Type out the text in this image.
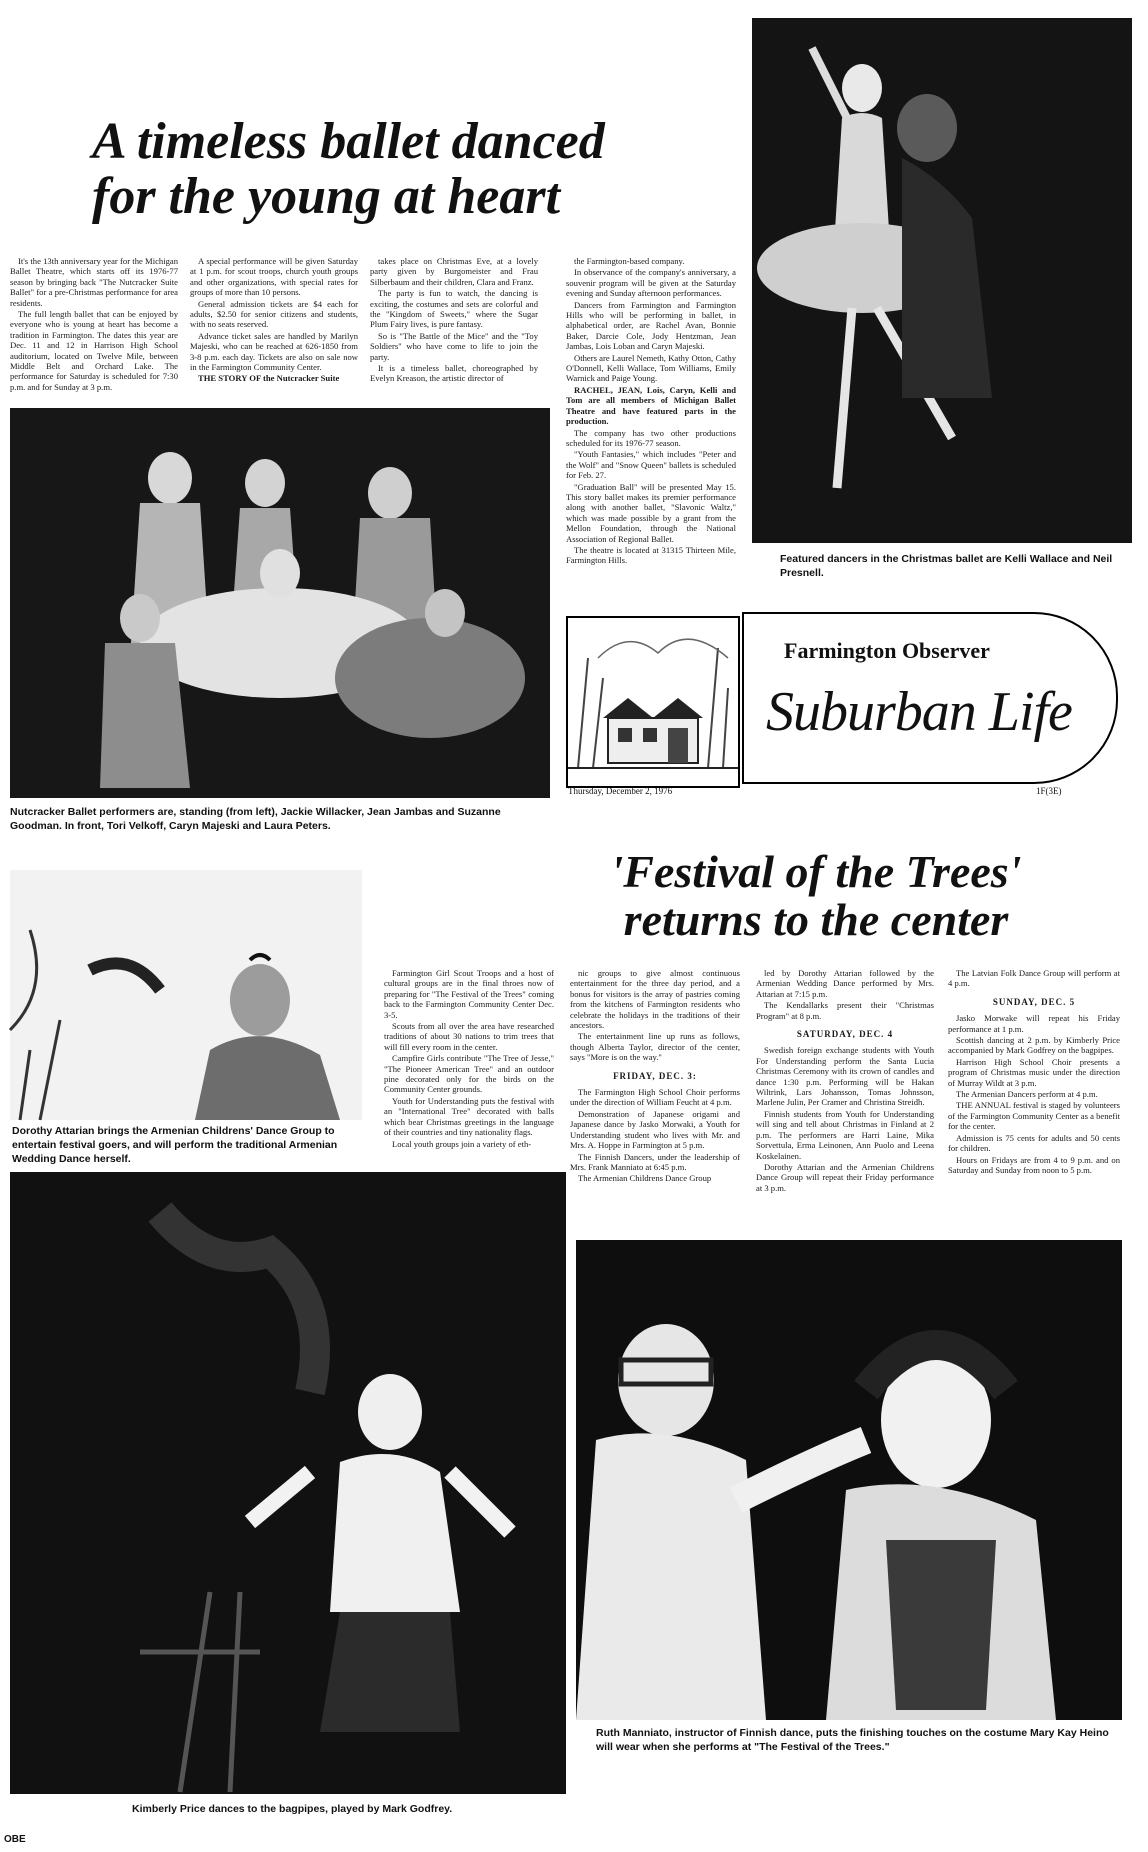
A timeless ballet danced
for the young at heart

It's the 13th anniversary year for the Michigan Ballet Theatre, which starts off its 1976-77 season by bringing back "The Nutcracker Suite Ballet" for a pre-Christmas performance for area residents.

The full length ballet that can be enjoyed by everyone who is young at heart has become a tradition in Farmington. The dates this year are Dec. 11 and 12 in Harrison High School auditorium, located on Twelve Mile, between Middle Belt and Orchard Lake. The performance for Saturday is scheduled for 7:30 p.m. and for Sunday at 3 p.m.

A special performance will be given Saturday at 1 p.m. for scout troops, church youth groups and other organizations, with special rates for groups of more than 10 persons.

General admission tickets are $4 each for adults, $2.50 for senior citizens and students, with no seats reserved.

Advance ticket sales are handled by Marilyn Majeski, who can be reached at 626-1850 from 3-8 p.m. each day. Tickets are also on sale now in the Farmington Community Center.

THE STORY OF the Nutcracker Suite

takes place on Christmas Eve, at a lovely party given by Burgomeister and Frau Silberbaum and their children, Clara and Franz.

The party is fun to watch, the dancing is exciting, the costumes and sets are colorful and the "Kingdom of Sweets," where the Sugar Plum Fairy lives, is pure fantasy.

So is "The Battle of the Mice" and the "Toy Soldiers" who have come to life to join the party.

It is a timeless ballet, choreographed by Evelyn Kreason, the artistic director of

the Farmington-based company.

In observance of the company's anniversary, a souvenir program will be given at the Saturday evening and Sunday afternoon performances.

Dancers from Farmington and Farmington Hills who will be performing in ballet, in alphabetical order, are Rachel Avan, Bonnie Baker, Darcie Cole, Jody Hentzman, Jean Jambas, Lois Loban and Caryn Majeski.

Others are Laurel Nemeth, Kathy Otton, Cathy O'Donnell, Kelli Wallace, Tom Williams, Emily Warnick and Paige Young.

RACHEL, JEAN, Lois, Caryn, Kelli and Tom are all members of Michigan Ballet Theatre and have featured parts in the production.

The company has two other productions scheduled for its 1976-77 season.

"Youth Fantasies," which includes "Peter and the Wolf" and "Snow Queen" ballets is scheduled for Feb. 27.

"Graduation Ball" will be presented May 15. This story ballet makes its premier performance along with another ballet, "Slavonic Waltz," which was made possible by a grant from the Mellon Foundation, through the National Association of Regional Ballet.

The theatre is located at 31315 Thirteen Mile, Farmington Hills.	Featured dancers in the Christmas ballet are Kelli Wallace and Neil Presnell.
Nutcracker Ballet performers are, standing (from left), Jackie Willacker, Jean Jambas and Suzanne Goodman. In front, Tori Velkoff, Caryn Majeski and Laura Peters.
Farmington Observer
Suburban Life
Thursday, December 2, 1976	1F(3E)
'Festival of the Trees'
returns to the center
Dorothy Attarian brings the Armenian Childrens' Dance Group to entertain festival goers, and will perform the traditional Armenian Wedding Dance herself.

Farmington Girl Scout Troops and a host of cultural groups are in the final throes now of preparing for "The Festival of the Trees" coming back to the Farmington Community Center Dec. 3-5.

Scouts from all over the area have researched traditions of about 30 nations to trim trees that will fill every room in the center.

Campfire Girls contribute "The Tree of Jesse," "The Pioneer American Tree" and an outdoor pine decorated only for the birds on the Community Center grounds.

Youth for Understanding puts the festival with an "International Tree" decorated with balls which bear Christmas greetings in the language of their countries and tiny nationality flags.

Local youth groups join a variety of eth-

nic groups to give almost continuous entertainment for the three day period, and a bonus for visitors is the array of pastries coming from the kitchens of Farmington residents who celebrate the holidays in the traditions of their ancestors.

The entertainment line up runs as follows, though Alberta Taylor, director of the center, says "More is on the way."

FRIDAY, DEC. 3:

The Farmington High School Choir performs under the direction of William Feucht at 4 p.m.

Demonstration of Japanese origami and Japanese dance by Jasko Morwaki, a Youth for Understanding student who lives with Mr. and Mrs. A. Hoppe in Farmington at 5 p.m.

The Finnish Dancers, under the leadership of Mrs. Frank Manniato at 6:45 p.m.

The Armenian Childrens Dance Group

led by Dorothy Attarian followed by the Armenian Wedding Dance performed by Mrs. Attarian at 7:15 p.m.

The Kendallarks present their "Christmas Program" at 8 p.m.

SATURDAY, DEC. 4

Swedish foreign exchange students with Youth For Understanding perform the Santa Lucia Christmas Ceremony with its crown of candles and dance 1:30 p.m. Performing will be Hakan Wiltrink, Lars Johansson, Tomas Johnsson, Marlene Julin, Per Cramer and Christina Streidh.

Finnish students from Youth for Understanding will sing and tell about Christmas in Finland at 2 p.m. The performers are Harri Laine, Mika Sorvettula, Erma Leinonen, Ann Puolo and Leena Koskelainen.

Dorothy Attarian and the Armenian Childrens Dance Group will repeat their Friday performance at 3 p.m.

The Latvian Folk Dance Group will perform at 4 p.m.

SUNDAY, DEC. 5

Jasko Morwake will repeat his Friday performance at 1 p.m.

Scottish dancing at 2 p.m. by Kimberly Price accompanied by Mark Godfrey on the bagpipes.

Harrison High School Choir presents a program of Christmas music under the direction of Murray Wildt at 3 p.m.

The Armenian Dancers perform at 4 p.m.

THE ANNUAL festival is staged by volunteers of the Farmington Community Center as a benefit for the center.

Admission is 75 cents for adults and 50 cents for children.

Hours on Fridays are from 4 to 9 p.m. and on Saturday and Sunday from noon to 5 p.m.

Kimberly Price dances to the bagpipes, played by Mark Godfrey.
Ruth Manniato, instructor of Finnish dance, puts the finishing touches on the costume Mary Kay Heino will wear when she performs at "The Festival of the Trees."
OBE
